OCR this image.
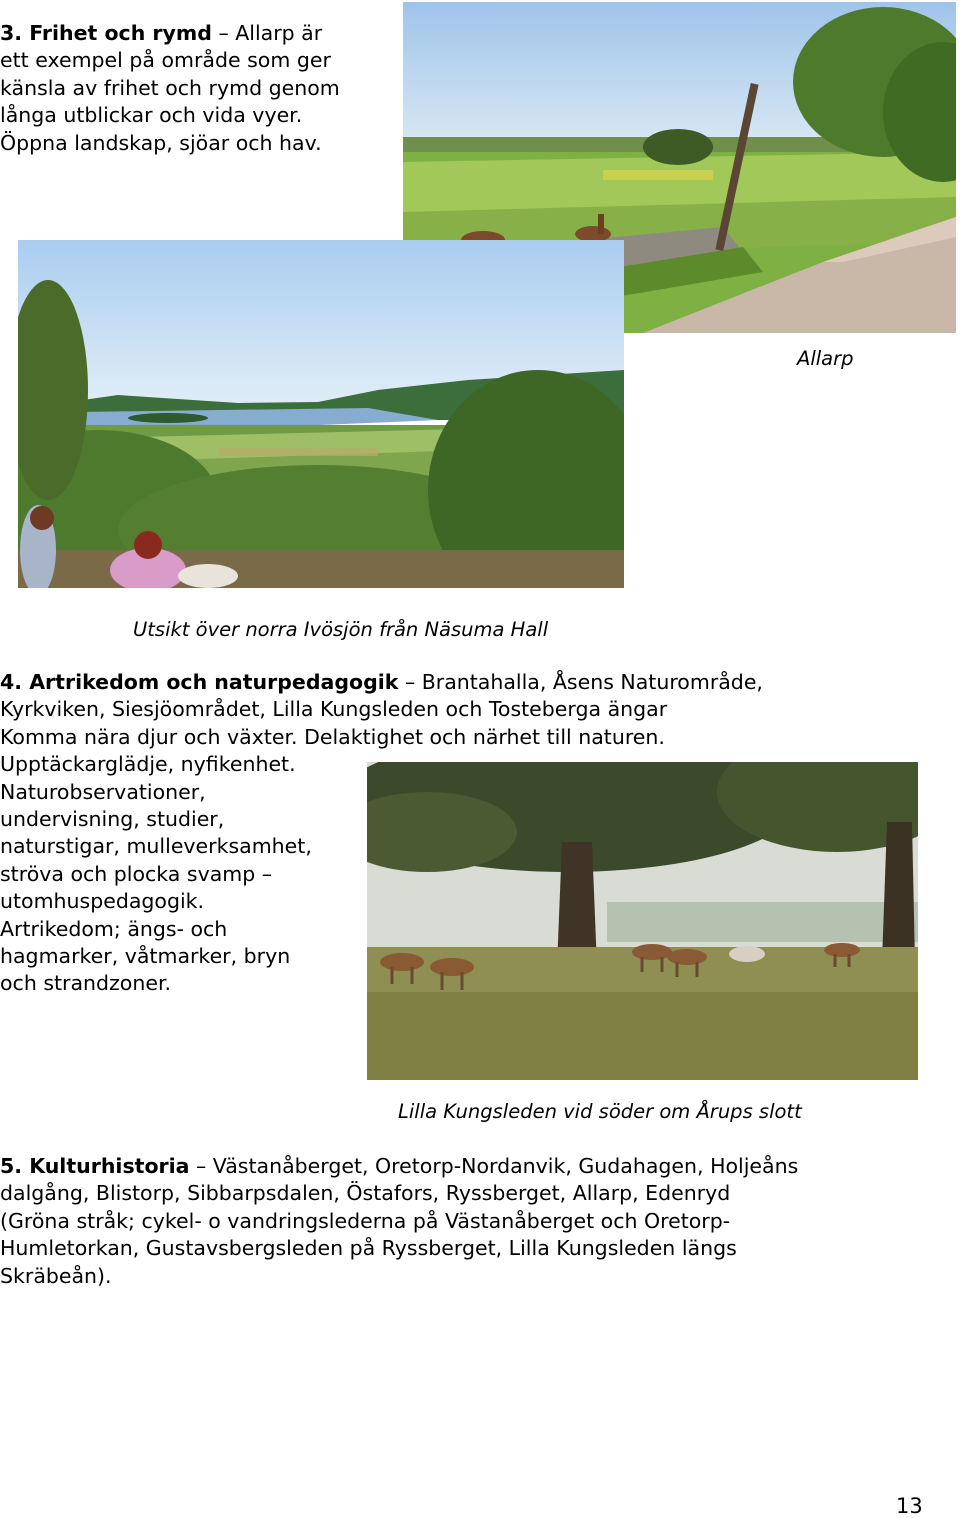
3. Frihet och rymd – Allarp är
ett exempel på område som ger
känsla av frihet och rymd genom
långa utblickar och vida vyer.
Öppna landskap, sjöar och hav.
Allarp
Utsikt över norra Ivösjön från Näsuma Hall
4. Artrikedom och naturpedagogik – Brantahalla, Åsens Naturområde,
Kyrkviken, Siesjöområdet, Lilla Kungsleden och Tosteberga ängar
Komma nära djur och växter. Delaktighet och närhet till naturen.
Upptäckarglädje, nyfikenhet.
Naturobservationer,
undervisning, studier,
naturstigar, mulleverksamhet,
ströva och plocka svamp –
utomhuspedagogik.
Artrikedom; ängs- och
hagmarker, våtmarker, bryn
och strandzoner.
Lilla Kungsleden vid söder om Årups slott
5. Kulturhistoria – Västanåberget, Oretorp-Nordanvik, Gudahagen, Holjeåns
dalgång, Blistorp, Sibbarpsdalen, Östafors, Ryssberget, Allarp, Edenryd
(Gröna stråk; cykel- o vandringslederna på Västanåberget och Oretorp-
Humletorkan, Gustavsbergsleden på Ryssberget, Lilla Kungsleden längs
Skräbeån).
13
